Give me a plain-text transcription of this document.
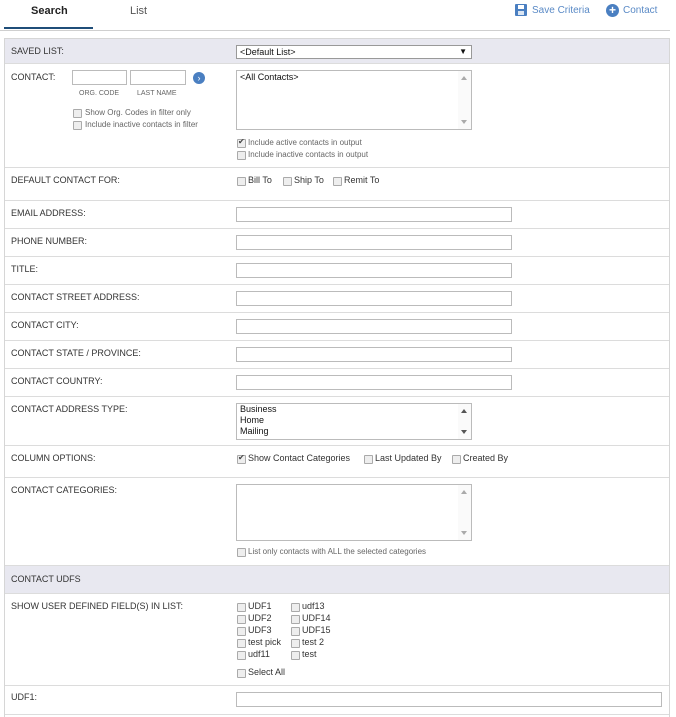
Search	List	Save Criteria + Contact
SAVED LIST:	<Default List>	▼
CONTACT:	›
ORG. CODE	LAST NAME
Show Org. Codes in filter only
Include inactive contacts in filter
<All Contacts>
✔
Include active contacts in output
Include inactive contacts in output
DEFAULT CONTACT FOR:	Bill To Ship To Remit To
EMAIL ADDRESS:
PHONE NUMBER:
TITLE:
CONTACT STREET ADDRESS:
CONTACT CITY:
CONTACT STATE / PROVINCE:
CONTACT COUNTRY:
CONTACT ADDRESS TYPE:	Business
Home
Mailing
COLUMN OPTIONS:
✔	Show Contact Categories	Last Updated By Created By
CONTACT CATEGORIES:
List only contacts with ALL the selected categories
CONTACT UDFS
SHOW USER DEFINED FIELD(S) IN LIST:	UDF1
UDF2
UDF3
test pick
udf11
udf13
UDF14
UDF15
test 2
test
Select All
UDF1:
